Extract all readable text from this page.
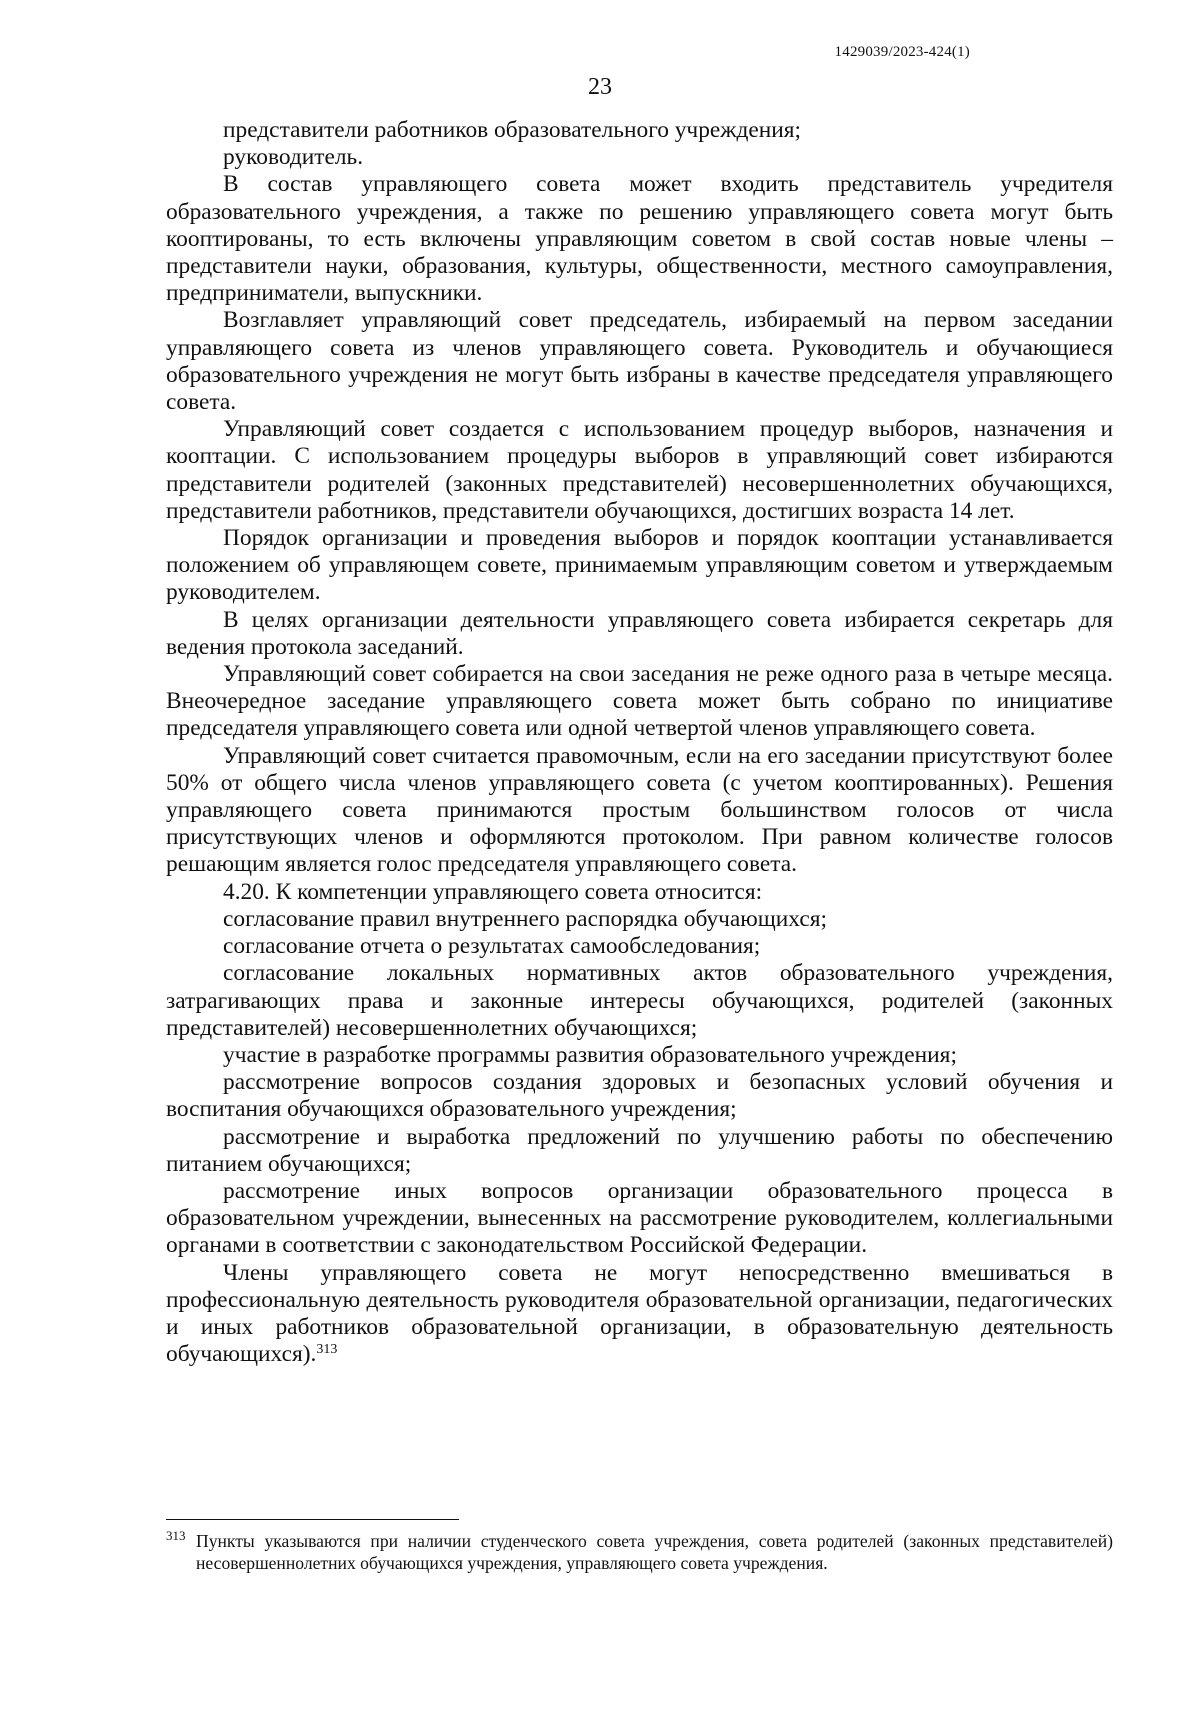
1429039/2023-424(1)
23

представители работников образовательного учреждения;

руководитель.

В состав управляющего совета может входить представитель учредителя образовательного учреждения, а также по решению управляющего совета могут быть кооптированы, то есть включены управляющим советом в свой состав новые члены – представители науки, образования, культуры, общественности, местного самоуправления, предприниматели, выпускники.

Возглавляет управляющий совет председатель, избираемый на первом заседании управляющего совета из членов управляющего совета. Руководитель и обучающиеся образовательного учреждения не могут быть избраны в качестве председателя управляющего совета.

Управляющий совет создается с использованием процедур выборов, назначения и кооптации. С использованием процедуры выборов в управляющий совет избираются представители родителей (законных представителей) несовершеннолетних обучающихся, представители работников, представители обучающихся, достигших возраста 14 лет.

Порядок организации и проведения выборов и порядок кооптации устанавливается положением об управляющем совете, принимаемым управляющим советом и утверждаемым руководителем.

В целях организации деятельности управляющего совета избирается секретарь для ведения протокола заседаний.

Управляющий совет собирается на свои заседания не реже одного раза в четыре месяца. Внеочередное заседание управляющего совета может быть собрано по инициативе председателя управляющего совета или одной четвертой членов управляющего совета.

Управляющий совет считается правомочным, если на его заседании присутствуют более 50% от общего числа членов управляющего совета (с учетом кооптированных). Решения управляющего совета принимаются простым большинством голосов от числа присутствующих членов и оформляются протоколом. При равном количестве голосов решающим является голос председателя управляющего совета.

4.20. К компетенции управляющего совета относится:

согласование правил внутреннего распорядка обучающихся;

согласование отчета о результатах самообследования;

согласование локальных нормативных актов образовательного учреждения, затрагивающих права и законные интересы обучающихся, родителей (законных представителей) несовершеннолетних обучающихся;

участие в разработке программы развития образовательного учреждения;

рассмотрение вопросов создания здоровых и безопасных условий обучения и воспитания обучающихся образовательного учреждения;

рассмотрение и выработка предложений по улучшению работы по обеспечению питанием обучающихся;

рассмотрение иных вопросов организации образовательного процесса в образовательном учреждении, вынесенных на рассмотрение руководителем, коллегиальными органами в соответствии с законодательством Российской Федерации.

Члены управляющего совета не могут непосредственно вмешиваться в профессиональную деятельность руководителя образовательной организации, педагогических и иных работников образовательной организации, в образовательную деятельность обучающихся).$^{313}$

313 Пункты указываются при наличии студенческого совета учреждения, совета родителей (законных представителей) несовершеннолетних обучающихся учреждения, управляющего совета учреждения.
